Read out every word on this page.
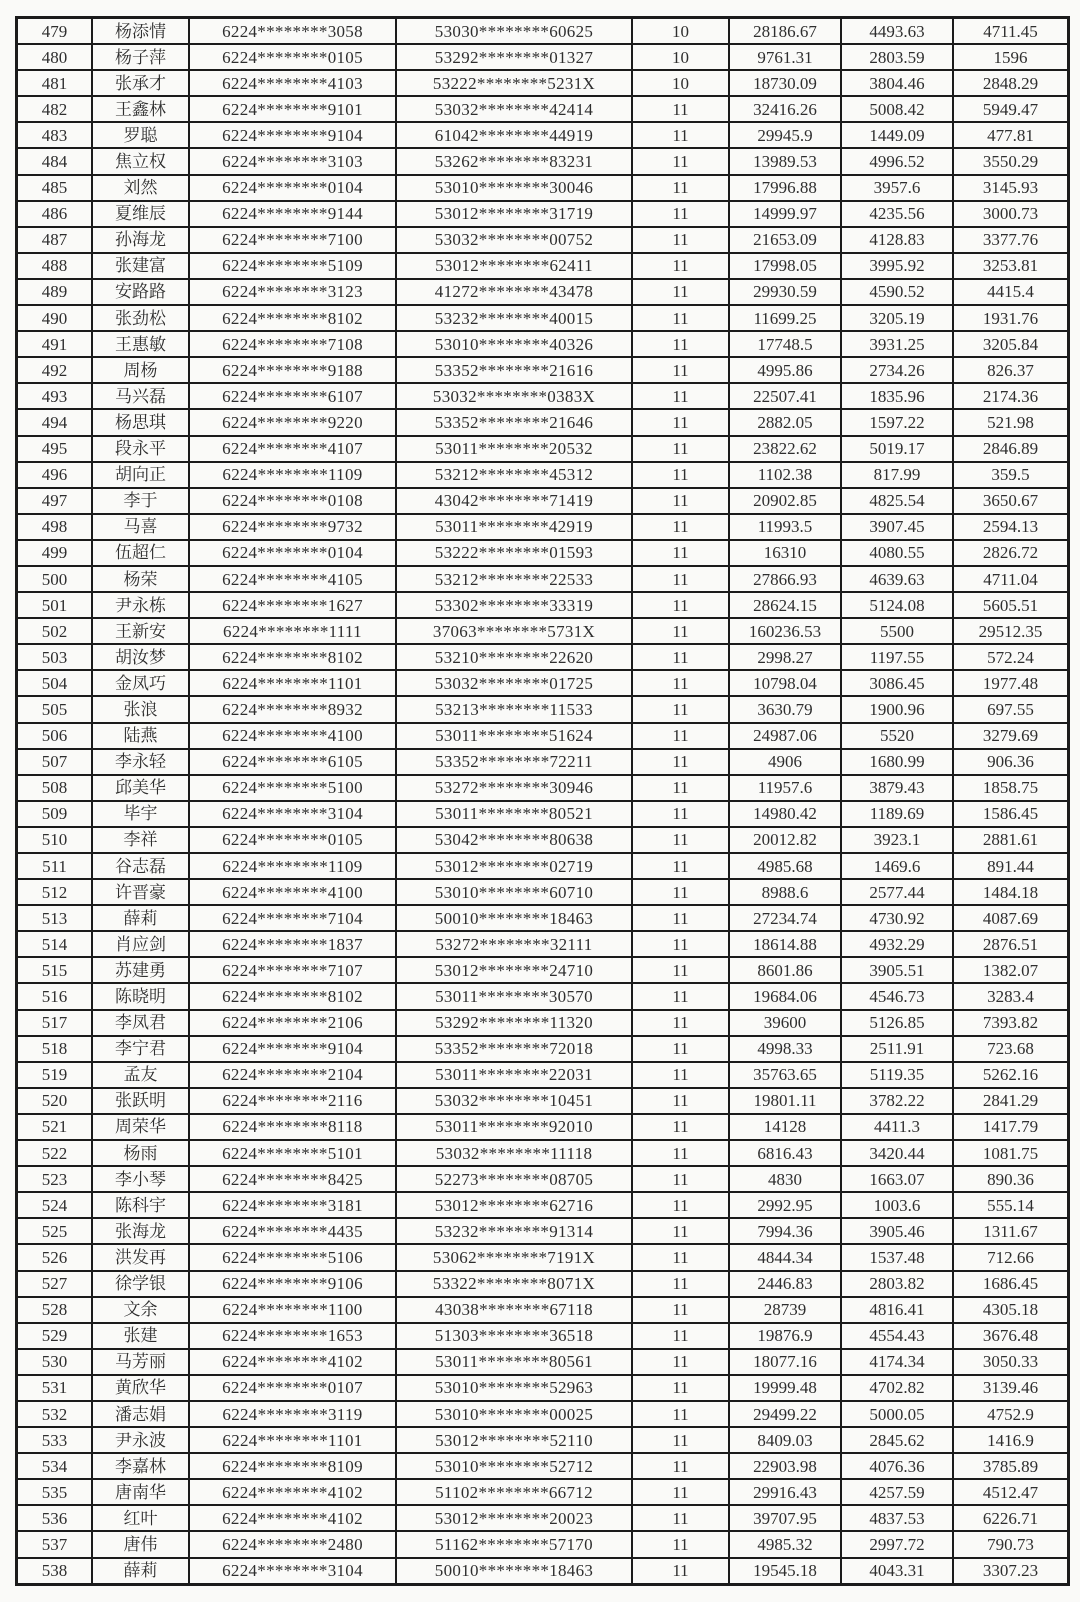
479	杨添情	6224********3058	53030********60625	10	28186.67	4493.63	4711.45
480	杨子萍	6224********0105	53292********01327	10	9761.31	2803.59	1596
481	张承才	6224********4103	53222********5231X	10	18730.09	3804.46	2848.29
482	王鑫林	6224********9101	53032********42414	11	32416.26	5008.42	5949.47
483	罗聪	6224********9104	61042********44919	11	29945.9	1449.09	477.81
484	焦立权	6224********3103	53262********83231	11	13989.53	4996.52	3550.29
485	刘然	6224********0104	53010********30046	11	17996.88	3957.6	3145.93
486	夏维辰	6224********9144	53012********31719	11	14999.97	4235.56	3000.73
487	孙海龙	6224********7100	53032********00752	11	21653.09	4128.83	3377.76
488	张建富	6224********5109	53012********62411	11	17998.05	3995.92	3253.81
489	安路路	6224********3123	41272********43478	11	29930.59	4590.52	4415.4
490	张劲松	6224********8102	53232********40015	11	11699.25	3205.19	1931.76
491	王惠敏	6224********7108	53010********40326	11	17748.5	3931.25	3205.84
492	周杨	6224********9188	53352********21616	11	4995.86	2734.26	826.37
493	马兴磊	6224********6107	53032********0383X	11	22507.41	1835.96	2174.36
494	杨思琪	6224********9220	53352********21646	11	2882.05	1597.22	521.98
495	段永平	6224********4107	53011********20532	11	23822.62	5019.17	2846.89
496	胡向正	6224********1109	53212********45312	11	1102.38	817.99	359.5
497	李于	6224********0108	43042********71419	11	20902.85	4825.54	3650.67
498	马喜	6224********9732	53011********42919	11	11993.5	3907.45	2594.13
499	伍超仁	6224********0104	53222********01593	11	16310	4080.55	2826.72
500	杨荣	6224********4105	53212********22533	11	27866.93	4639.63	4711.04
501	尹永栋	6224********1627	53302********33319	11	28624.15	5124.08	5605.51
502	王新安	6224********1111	37063********5731X	11	160236.53	5500	29512.35
503	胡汝梦	6224********8102	53210********22620	11	2998.27	1197.55	572.24
504	金凤巧	6224********1101	53032********01725	11	10798.04	3086.45	1977.48
505	张浪	6224********8932	53213********11533	11	3630.79	1900.96	697.55
506	陆燕	6224********4100	53011********51624	11	24987.06	5520	3279.69
507	李永轻	6224********6105	53352********72211	11	4906	1680.99	906.36
508	邱美华	6224********5100	53272********30946	11	11957.6	3879.43	1858.75
509	毕宇	6224********3104	53011********80521	11	14980.42	1189.69	1586.45
510	李祥	6224********0105	53042********80638	11	20012.82	3923.1	2881.61
511	谷志磊	6224********1109	53012********02719	11	4985.68	1469.6	891.44
512	许晋豪	6224********4100	53010********60710	11	8988.6	2577.44	1484.18
513	薛莉	6224********7104	50010********18463	11	27234.74	4730.92	4087.69
514	肖应剑	6224********1837	53272********32111	11	18614.88	4932.29	2876.51
515	苏建勇	6224********7107	53012********24710	11	8601.86	3905.51	1382.07
516	陈晓明	6224********8102	53011********30570	11	19684.06	4546.73	3283.4
517	李凤君	6224********2106	53292********11320	11	39600	5126.85	7393.82
518	李宁君	6224********9104	53352********72018	11	4998.33	2511.91	723.68
519	孟友	6224********2104	53011********22031	11	35763.65	5119.35	5262.16
520	张跃明	6224********2116	53032********10451	11	19801.11	3782.22	2841.29
521	周荣华	6224********8118	53011********92010	11	14128	4411.3	1417.79
522	杨雨	6224********5101	53032********11118	11	6816.43	3420.44	1081.75
523	李小琴	6224********8425	52273********08705	11	4830	1663.07	890.36
524	陈科宇	6224********3181	53012********62716	11	2992.95	1003.6	555.14
525	张海龙	6224********4435	53232********91314	11	7994.36	3905.46	1311.67
526	洪发再	6224********5106	53062********7191X	11	4844.34	1537.48	712.66
527	徐学银	6224********9106	53322********8071X	11	2446.83	2803.82	1686.45
528	文余	6224********1100	43038********67118	11	28739	4816.41	4305.18
529	张建	6224********1653	51303********36518	11	19876.9	4554.43	3676.48
530	马芳丽	6224********4102	53011********80561	11	18077.16	4174.34	3050.33
531	黄欣华	6224********0107	53010********52963	11	19999.48	4702.82	3139.46
532	潘志娟	6224********3119	53010********00025	11	29499.22	5000.05	4752.9
533	尹永波	6224********1101	53012********52110	11	8409.03	2845.62	1416.9
534	李嘉林	6224********8109	53010********52712	11	22903.98	4076.36	3785.89
535	唐南华	6224********4102	51102********66712	11	29916.43	4257.59	4512.47
536	红叶	6224********4102	53012********20023	11	39707.95	4837.53	6226.71
537	唐伟	6224********2480	51162********57170	11	4985.32	2997.72	790.73
538	薛莉	6224********3104	50010********18463	11	19545.18	4043.31	3307.23
